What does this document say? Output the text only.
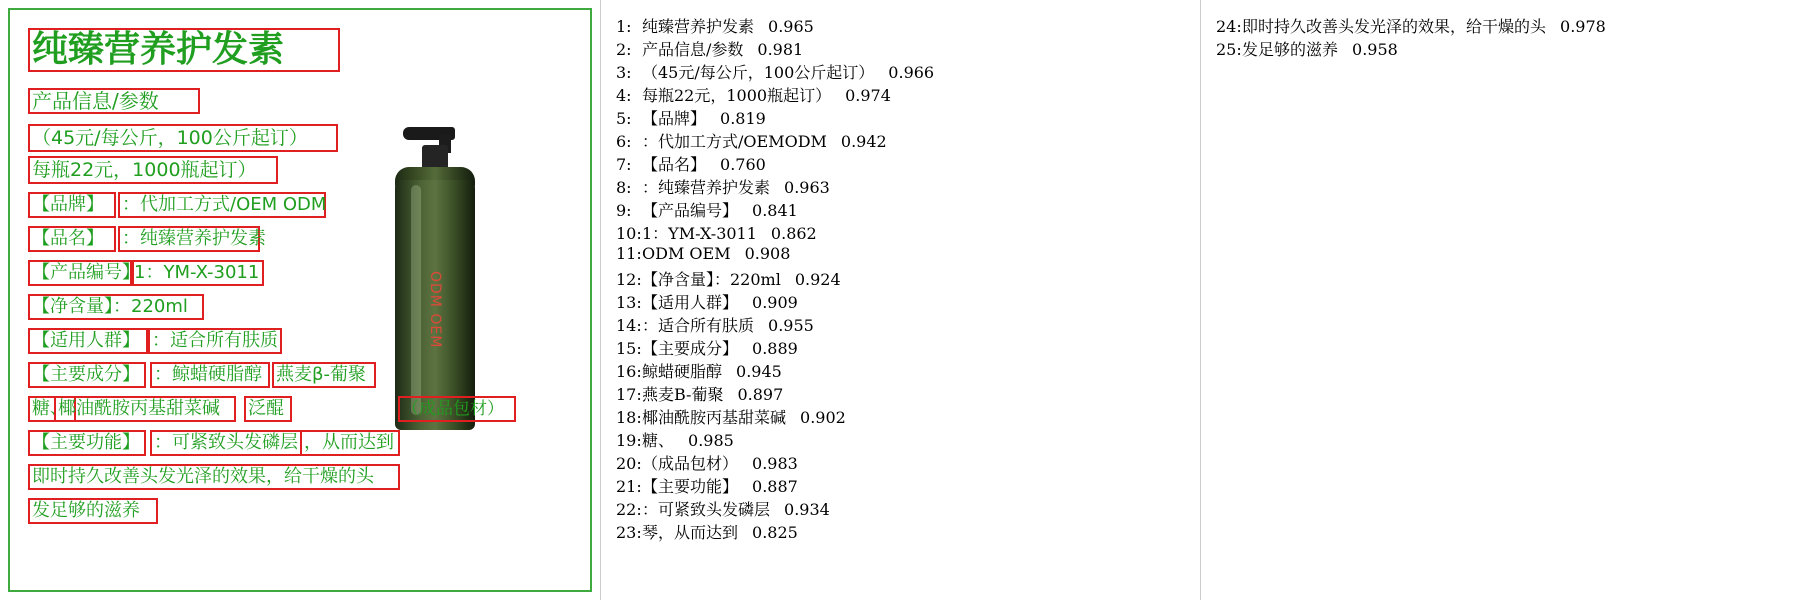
ODM OEM
纯臻营养护发素
产品信息/参数
（45元/每公斤，100公斤起订）
每瓶22元，1000瓶起订）
【品牌】 ：代加工方式/OEM ODM
【品名】 ：纯臻营养护发素
【产品编号】
1：YM-X-3011
【净含量】：220ml
【适用人群】 ：适合所有肤质
【主要成分】 ：鲸蜡硬脂醇 燕麦β-葡聚
糖、
椰油酰胺丙基甜菜碱 泛醌	（成品包材）
【主要功能】 ：可紧致头发磷层 ，从而达到
即时持久改善头发光泽的效果，给干燥的头
发足够的滋养
1: 纯臻营养护发素 0.965
2: 产品信息/参数 0.981
3: （45元/每公斤，100公斤起订） 0.966
4: 每瓶22元，1000瓶起订） 0.974
5: 【品牌】 0.819
6: ：代加工方式/OEMODM 0.942
7: 【品名】 0.760
8: ：纯臻营养护发素 0.963
9: 【产品编号】 0.841
10: 1：YM-X-3011 0.862
11: ODM OEM 0.908
12: 【净含量】：220ml 0.924
13: 【适用人群】 0.909
14: ：适合所有肤质 0.955
15: 【主要成分】 0.889
16: 鲸蜡硬脂醇 0.945
17: 燕麦B-葡聚 0.897
18: 椰油酰胺丙基甜菜碱 0.902
19: 糖、 0.985
20: （成品包材） 0.983
21: 【主要功能】 0.887
22: ：可紧致头发磷层 0.934
23: 琴，从而达到 0.825
24: 即时持久改善头发光泽的效果，给干燥的头 0.978
25: 发足够的滋养 0.958
